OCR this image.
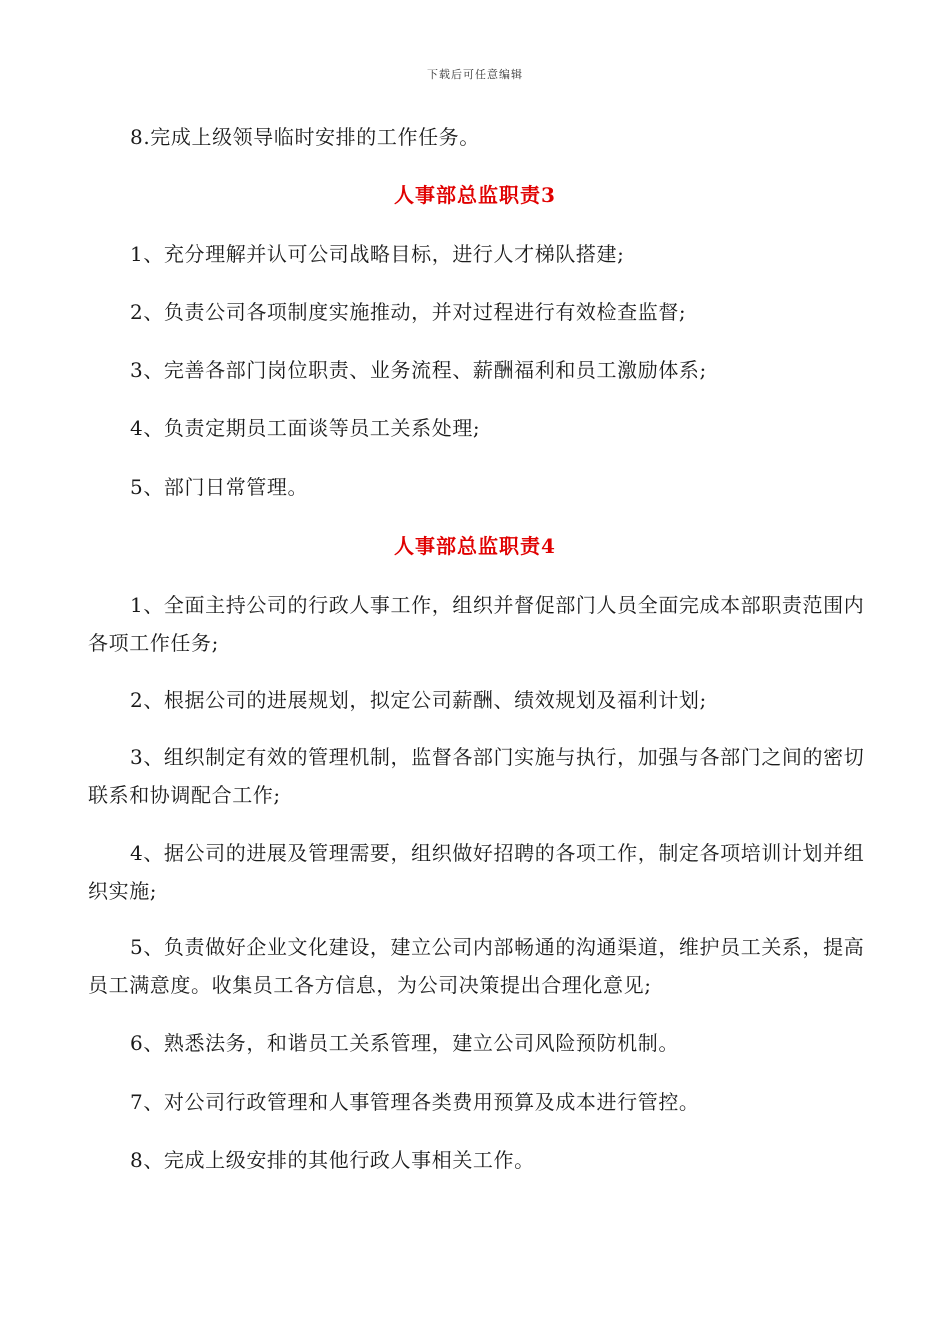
下载后可任意编辑
8.完成上级领导临时安排的工作任务。
人事部总监职责3
1、充分理解并认可公司战略目标，进行人才梯队搭建;
2、负责公司各项制度实施推动，并对过程进行有效检查监督;
3、完善各部门岗位职责、业务流程、薪酬福利和员工激励体系;
4、负责定期员工面谈等员工关系处理;
5、部门日常管理。
人事部总监职责4
1、全面主持公司的行政人事工作，组织并督促部门人员全面完成本部职责范围内各项工作任务;
2、根据公司的进展规划，拟定公司薪酬、绩效规划及福利计划;
3、组织制定有效的管理机制，监督各部门实施与执行，加强与各部门之间的密切联系和协调配合工作;
4、据公司的进展及管理需要，组织做好招聘的各项工作，制定各项培训计划并组织实施;
5、负责做好企业文化建设，建立公司内部畅通的沟通渠道，维护员工关系，提高员工满意度。收集员工各方信息，为公司决策提出合理化意见;
6、熟悉法务，和谐员工关系管理，建立公司风险预防机制。
7、对公司行政管理和人事管理各类费用预算及成本进行管控。
8、完成上级安排的其他行政人事相关工作。
